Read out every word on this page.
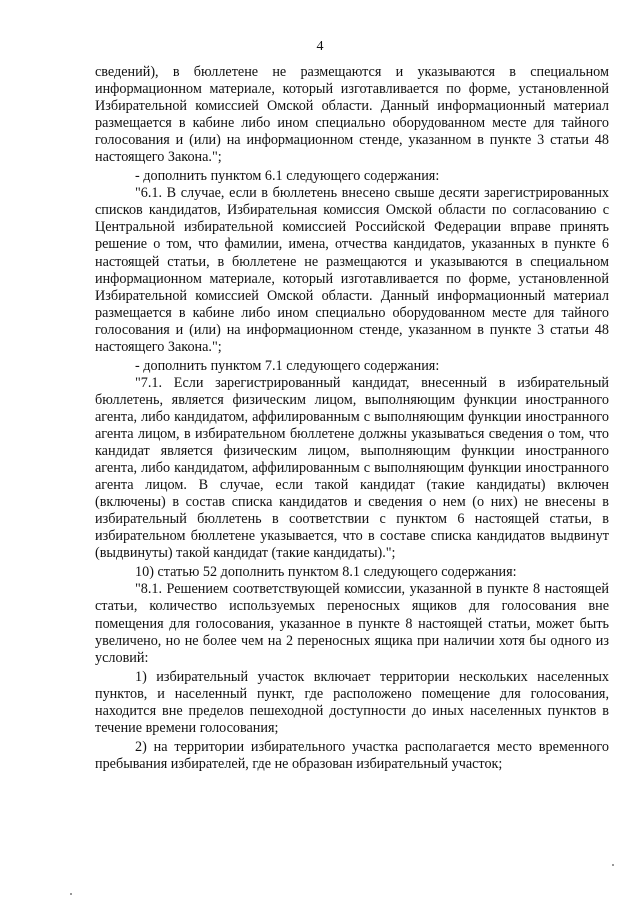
4

сведений), в бюллетене не размещаются и указываются в специальном информационном материале, который изготавливается по форме, установленной Избирательной комиссией Омской области. Данный информационный материал размещается в кабине либо ином специально оборудованном месте для тайного голосования и (или) на информационном стенде, указанном в пункте 3 статьи 48 настоящего Закона.";

- дополнить пунктом 6.1 следующего содержания:

"6.1. В случае, если в бюллетень внесено свыше десяти зарегистрированных списков кандидатов, Избирательная комиссия Омской области по согласованию с Центральной избирательной комиссией Российской Федерации вправе принять решение о том, что фамилии, имена, отчества кандидатов, указанных в пункте 6 настоящей статьи, в бюллетене не размещаются и указываются в специальном информационном материале, который изготавливается по форме, установленной Избирательной комиссией Омской области. Данный информационный материал размещается в кабине либо ином специально оборудованном месте для тайного голосования и (или) на информационном стенде, указанном в пункте 3 статьи 48 настоящего Закона.";

- дополнить пунктом 7.1 следующего содержания:

"7.1. Если зарегистрированный кандидат, внесенный в избирательный бюллетень, является физическим лицом, выполняющим функции иностранного агента, либо кандидатом, аффилированным с выполняющим функции иностранного агента лицом, в избирательном бюллетене должны указываться сведения о том, что кандидат является физическим лицом, выполняющим функции иностранного агента, либо кандидатом, аффилированным с выполняющим функции иностранного агента лицом. В случае, если такой кандидат (такие кандидаты) включен (включены) в состав списка кандидатов и сведения о нем (о них) не внесены в избирательный бюллетень в соответствии с пунктом 6 настоящей статьи, в избирательном бюллетене указывается, что в составе списка кандидатов выдвинут (выдвинуты) такой кандидат (такие кандидаты).";

10) статью 52 дополнить пунктом 8.1 следующего содержания:

"8.1. Решением соответствующей комиссии, указанной в пункте 8 настоящей статьи, количество используемых переносных ящиков для голосования вне помещения для голосования, указанное в пункте 8 настоящей статьи, может быть увеличено, но не более чем на 2 переносных ящика при наличии хотя бы одного из условий:

1) избирательный участок включает территории нескольких населенных пунктов, и населенный пункт, где расположено помещение для голосования, находится вне пределов пешеходной доступности до иных населенных пунктов в течение времени голосования;

2) на территории избирательного участка располагается место временного пребывания избирателей, где не образован избирательный участок;
